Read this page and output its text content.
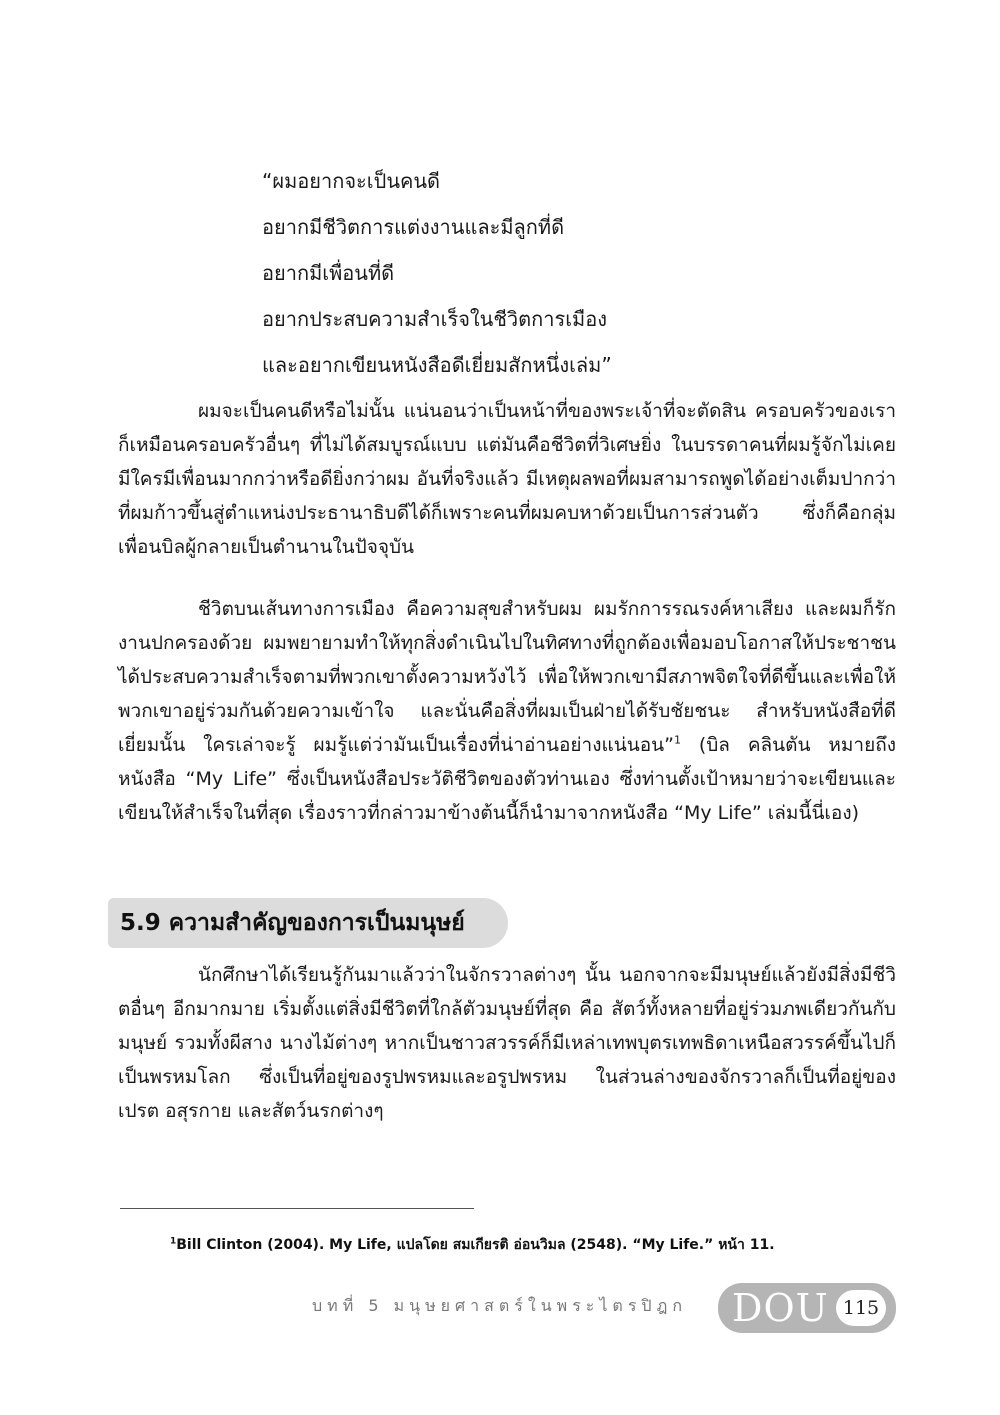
“ผมอยากจะเป็นคนดี
อยากมีชีวิตการแต่งงานและมีลูกที่ดี
อยากมีเพื่อนที่ดี
อยากประสบความสำเร็จในชีวิตการเมือง
และอยากเขียนหนังสือดีเยี่ยมสักหนึ่งเล่ม”

ผมจะเป็นคนดีหรือไม่นั้น แน่นอนว่าเป็นหน้าที่ของพระเจ้าที่จะตัดสิน ครอบครัวของเราก็เหมือนครอบครัวอื่นๆ ที่ไม่ได้สมบูรณ์แบบ แต่มันคือชีวิตที่วิเศษยิ่ง ในบรรดาคนที่ผมรู้จักไม่เคยมีใครมีเพื่อนมากกว่าหรือดียิ่งกว่าผม อันที่จริงแล้ว มีเหตุผลพอที่ผมสามารถพูดได้อย่างเต็มปากว่า ที่ผมก้าวขึ้นสู่ตำแหน่งประธานาธิบดีได้ก็เพราะคนที่ผมคบหาด้วยเป็นการส่วนตัว ซึ่งก็คือกลุ่มเพื่อนบิลผู้กลายเป็นตำนานในปัจจุบัน

ชีวิตบนเส้นทางการเมือง คือความสุขสำหรับผม ผมรักการรณรงค์หาเสียง และผมก็รักงานปกครองด้วย ผมพยายามทำให้ทุกสิ่งดำเนินไปในทิศทางที่ถูกต้องเพื่อมอบโอกาสให้ประชาชนได้ประสบความสำเร็จตามที่พวกเขาตั้งความหวังไว้ เพื่อให้พวกเขามีสภาพจิตใจที่ดีขึ้นและเพื่อให้พวกเขาอยู่ร่วมกันด้วยความเข้าใจ และนั่นคือสิ่งที่ผมเป็นฝ่ายได้รับชัยชนะ สำหรับหนังสือที่ดีเยี่ยมนั้น ใครเล่าจะรู้ ผมรู้แต่ว่ามันเป็นเรื่องที่น่าอ่านอย่างแน่นอน”$^1$ (บิล คลินตัน หมายถึง หนังสือ “My Life” ซึ่งเป็นหนังสือประวัติชีวิตของตัวท่านเอง ซึ่งท่านตั้งเป้าหมายว่าจะเขียนและเขียนให้สำเร็จในที่สุด เรื่องราวที่กล่าวมาข้างต้นนี้ก็นำมาจากหนังสือ “My Life” เล่มนี้นี่เอง)

5.9 ความสำคัญของการเป็นมนุษย์

นักศึกษาได้เรียนรู้กันมาแล้วว่าในจักรวาลต่างๆ นั้น นอกจากจะมีมนุษย์แล้วยังมีสิ่งมีชีวิตอื่นๆ อีกมากมาย เริ่มตั้งแต่สิ่งมีชีวิตที่ใกล้ตัวมนุษย์ที่สุด คือ สัตว์ทั้งหลายที่อยู่ร่วมภพเดียวกันกับมนุษย์ รวมทั้งผีสาง นางไม้ต่างๆ หากเป็นชาวสวรรค์ก็มีเหล่าเทพบุตรเทพธิดาเหนือสวรรค์ขึ้นไปก็เป็นพรหมโลก ซึ่งเป็นที่อยู่ของรูปพรหมและอรูปพรหม ในส่วนล่างของจักรวาลก็เป็นที่อยู่ของ เปรต อสุรกาย และสัตว์นรกต่างๆ

$^1$Bill Clinton (2004). My Life, แปลโดย สมเกียรติ อ่อนวิมล (2548). “My Life.” หน้า 11.
บทที่ 5 มนุษยศาสตร์ในพระไตรปิฎก DOU 115
